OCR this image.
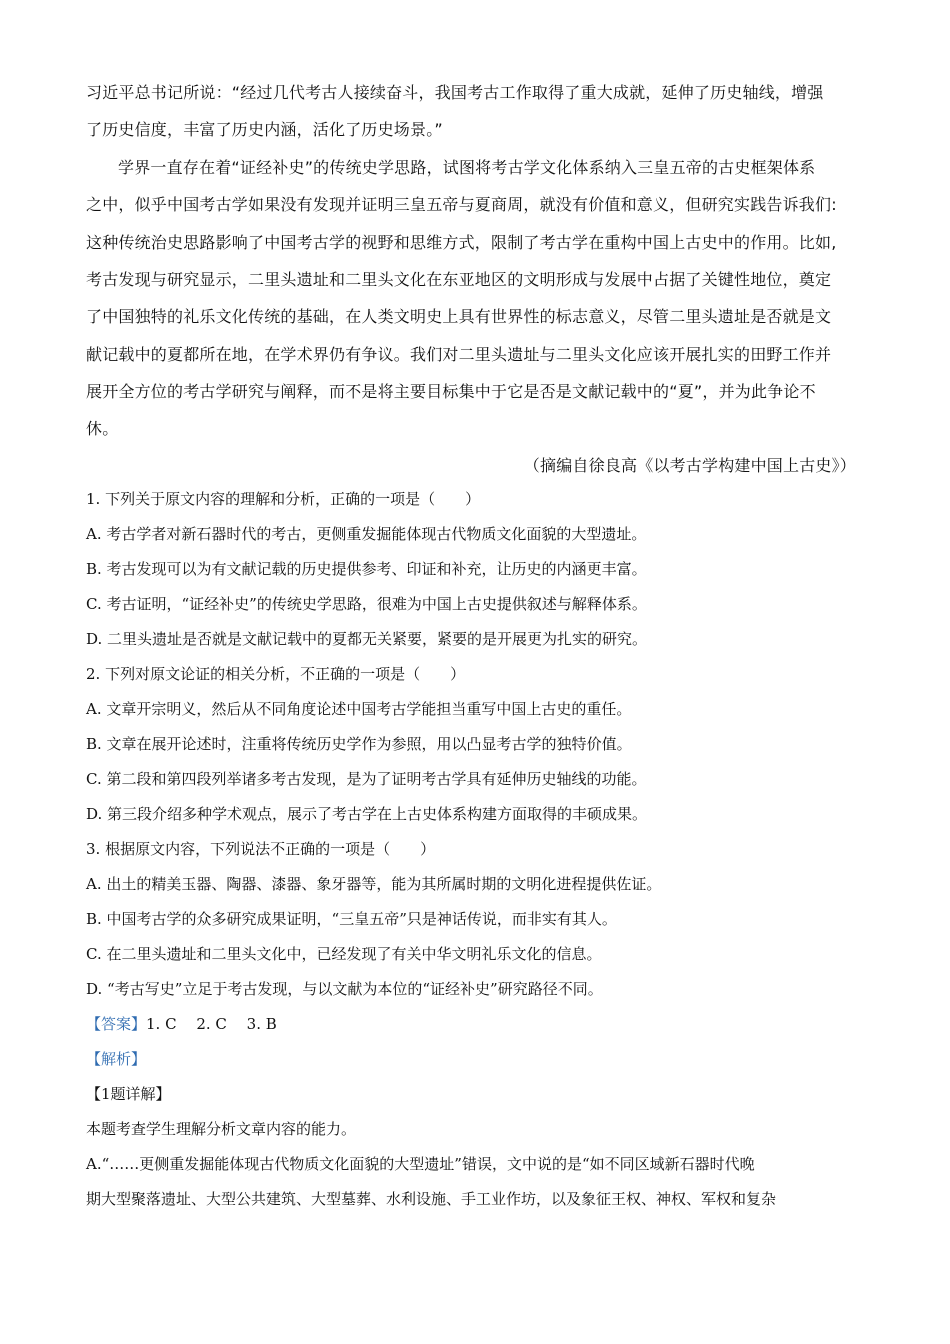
习近平总书记所说：“经过几代考古人接续奋斗，我国考古工作取得了重大成就，延伸了历史轴线，增强
了历史信度，丰富了历史内涵，活化了历史场景。”
学界一直存在着“证经补史”的传统史学思路，试图将考古学文化体系纳入三皇五帝的古史框架体系
之中，似乎中国考古学如果没有发现并证明三皇五帝与夏商周，就没有价值和意义，但研究实践告诉我们:
这种传统治史思路影响了中国考古学的视野和思维方式，限制了考古学在重构中国上古史中的作用。比如,
考古发现与研究显示，二里头遗址和二里头文化在东亚地区的文明形成与发展中占据了关键性地位，奠定
了中国独特的礼乐文化传统的基础，在人类文明史上具有世界性的标志意义，尽管二里头遗址是否就是文
献记载中的夏都所在地，在学术界仍有争议。我们对二里头遗址与二里头文化应该开展扎实的田野工作并
展开全方位的考古学研究与阐释，而不是将主要目标集中于它是否是文献记载中的“夏”，并为此争论不
休。
（摘编自徐良高《以考古学构建中国上古史》）
1. 下列关于原文内容的理解和分析，正确的一项是（　　）
A. 考古学者对新石器时代的考古，更侧重发掘能体现古代物质文化面貌的大型遗址。
B. 考古发现可以为有文献记载的历史提供参考、印证和补充，让历史的内涵更丰富。
C. 考古证明，“证经补史”的传统史学思路，很难为中国上古史提供叙述与解释体系。
D. 二里头遗址是否就是文献记载中的夏都无关紧要，紧要的是开展更为扎实的研究。
2. 下列对原文论证的相关分析，不正确的一项是（　　）
A. 文章开宗明义，然后从不同角度论述中国考古学能担当重写中国上古史的重任。
B. 文章在展开论述时，注重将传统历史学作为参照，用以凸显考古学的独特价值。
C. 第二段和第四段列举诸多考古发现，是为了证明考古学具有延伸历史轴线的功能。
D. 第三段介绍多种学术观点，展示了考古学在上古史体系构建方面取得的丰硕成果。
3. 根据原文内容，下列说法不正确的一项是（　　）
A. 出土的精美玉器、陶器、漆器、象牙器等，能为其所属时期的文明化进程提供佐证。
B. 中国考古学的众多研究成果证明，“三皇五帝”只是神话传说，而非实有其人。
C. 在二里头遗址和二里头文化中，已经发现了有关中华文明礼乐文化的信息。
D. “考古写史”立足于考古发现，与以文献为本位的“证经补史”研究路径不同。
【答案】1. C　 2. C　 3. B
【解析】
【1题详解】
本题考查学生理解分析文章内容的能力。
A.“……更侧重发掘能体现古代物质文化面貌的大型遗址”错误，文中说的是“如不同区域新石器时代晚
期大型聚落遗址、大型公共建筑、大型墓葬、水利设施、手工业作坊，以及象征王权、神权、军权和复杂
